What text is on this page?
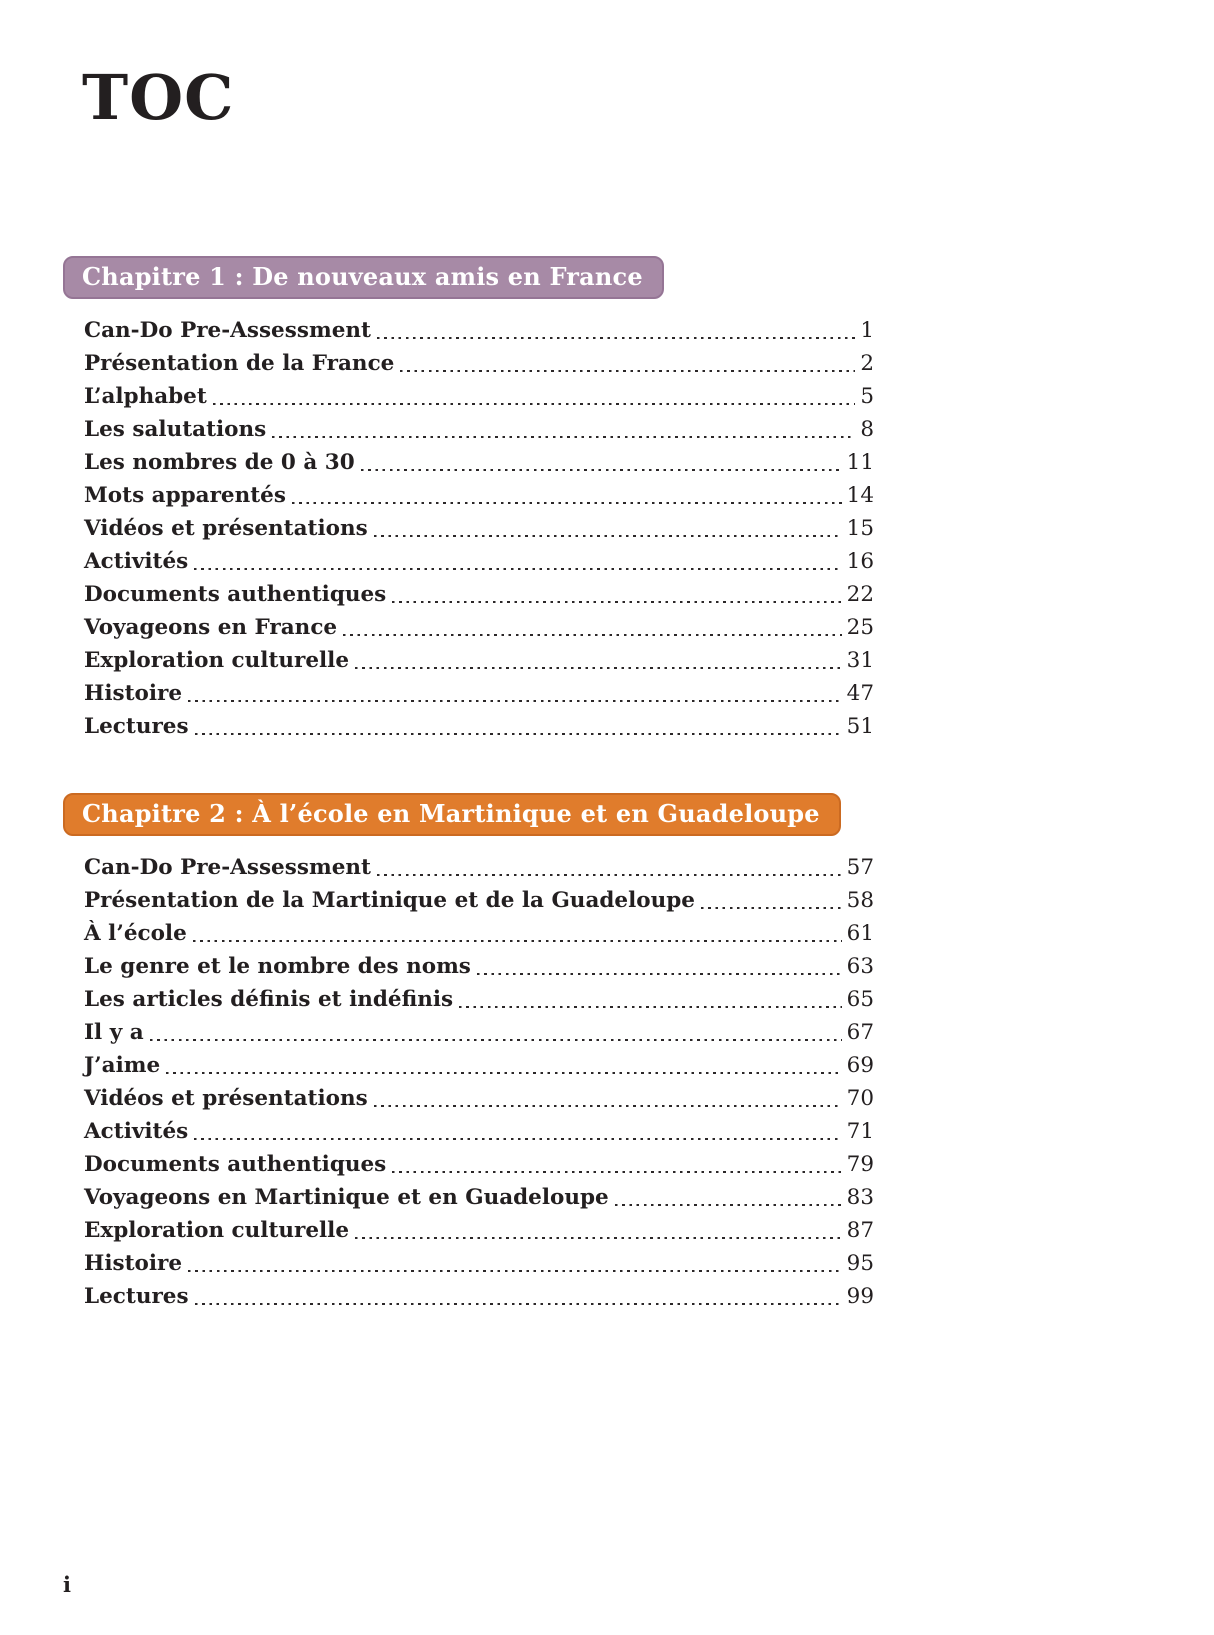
TOC
Chapitre 1 : De nouveaux amis en France
Can-Do Pre-Assessment	1
Présentation de la France	2
L’alphabet	5
Les salutations	8
Les nombres de 0 à 30	11
Mots apparentés	14
Vidéos et présentations	15
Activités	16
Documents authentiques	22
Voyageons en France	25
Exploration culturelle	31
Histoire	47
Lectures	51
Chapitre 2 : À l’école en Martinique et en Guadeloupe
Can-Do Pre-Assessment	57
Présentation de la Martinique et de la Guadeloupe	58
À l’école	61
Le genre et le nombre des noms	63
Les articles définis et indéfinis	65
Il y a	67
J’aime	69
Vidéos et présentations	70
Activités	71
Documents authentiques	79
Voyageons en Martinique et en Guadeloupe	83
Exploration culturelle	87
Histoire	95
Lectures	99
i
